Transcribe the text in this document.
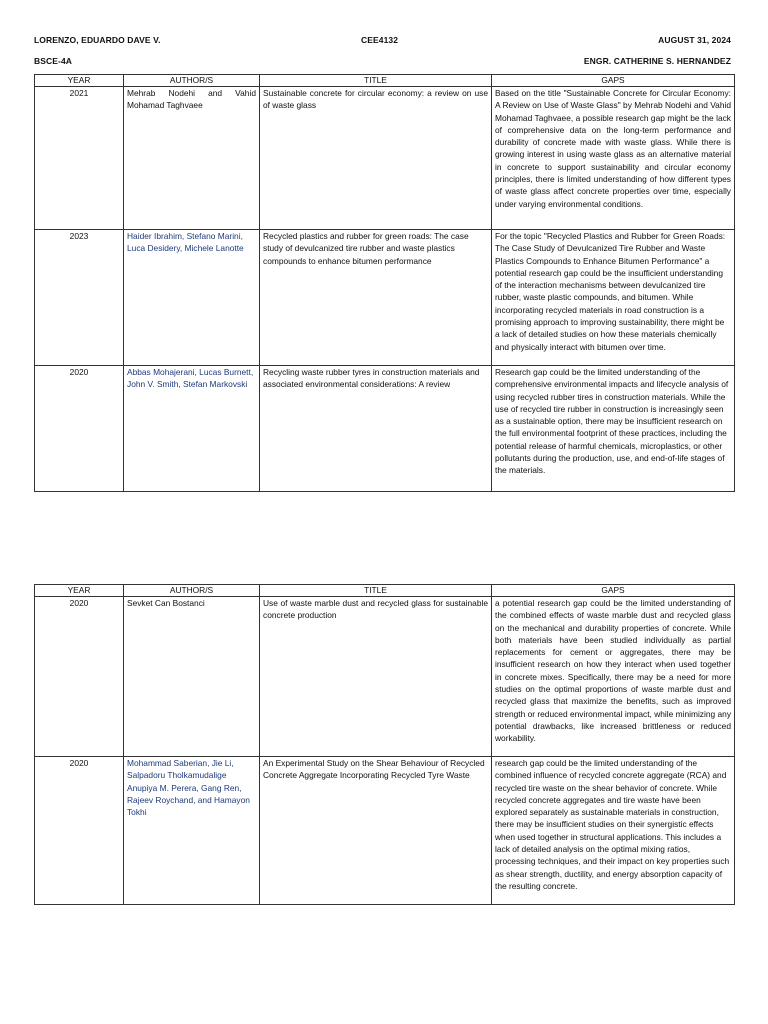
LORENZO, EDUARDO DAVE V.	CEE4132	AUGUST 31, 2024
BSCE-4A	ENGR. CATHERINE S. HERNANDEZ
YEAR	AUTHOR/S	TITLE	GAPS
2021	Mehrab Nodehi and Vahid Mohamad Taghvaee	Sustainable concrete for circular economy: a review on use of waste glass	Based on the title "Sustainable Concrete for Circular Economy: A Review on Use of Waste Glass" by Mehrab Nodehi and Vahid Mohamad Taghvaee, a possible research gap might be the lack of comprehensive data on the long-term performance and durability of concrete made with waste glass. While there is growing interest in using waste glass as an alternative material in concrete to support sustainability and circular economy principles, there is limited understanding of how different types of waste glass affect concrete properties over time, especially under varying environmental conditions.
2023	Haider Ibrahim, Stefano Marini, Luca Desidery, Michele Lanotte	Recycled plastics and rubber for green roads: The case study of devulcanized tire rubber and waste plastics compounds to enhance bitumen performance	For the topic "Recycled Plastics and Rubber for Green Roads: The Case Study of Devulcanized Tire Rubber and Waste Plastics Compounds to Enhance Bitumen Performance" a potential research gap could be the insufficient understanding of the interaction mechanisms between devulcanized tire rubber, waste plastic compounds, and bitumen. While incorporating recycled materials in road construction is a promising approach to improving sustainability, there might be a lack of detailed studies on how these materials chemically and physically interact with bitumen over time.
2020	Abbas Mohajerani, Lucas Burnett, John V. Smith, Stefan Markovski	Recycling waste rubber tyres in construction materials and associated environmental considerations: A review	Research gap could be the limited understanding of the comprehensive environmental impacts and lifecycle analysis of using recycled rubber tires in construction materials. While the use of recycled tire rubber in construction is increasingly seen as a sustainable option, there may be insufficient research on the full environmental footprint of these practices, including the potential release of harmful chemicals, microplastics, or other pollutants during the production, use, and end-of-life stages of the materials.
YEAR	AUTHOR/S	TITLE	GAPS
2020	Sevket Can Bostanci	Use of waste marble dust and recycled glass for sustainable concrete production	a potential research gap could be the limited understanding of the combined effects of waste marble dust and recycled glass on the mechanical and durability properties of concrete. While both materials have been studied individually as partial replacements for cement or aggregates, there may be insufficient research on how they interact when used together in concrete mixes. Specifically, there may be a need for more studies on the optimal proportions of waste marble dust and recycled glass that maximize the benefits, such as improved strength or reduced environmental impact, while minimizing any potential drawbacks, like increased brittleness or reduced workability.
2020	Mohammad Saberian, Jie Li, Salpadoru Tholkamudalige Anupiya M. Perera, Gang Ren, Rajeev Roychand, and Hamayon Tokhi	An Experimental Study on the Shear Behaviour of Recycled Concrete Aggregate Incorporating Recycled Tyre Waste	research gap could be the limited understanding of the combined influence of recycled concrete aggregate (RCA) and recycled tire waste on the shear behavior of concrete. While recycled concrete aggregates and tire waste have been explored separately as sustainable materials in construction, there may be insufficient studies on their synergistic effects when used together in structural applications. This includes a lack of detailed analysis on the optimal mixing ratios, processing techniques, and their impact on key properties such as shear strength, ductility, and energy absorption capacity of the resulting concrete.
